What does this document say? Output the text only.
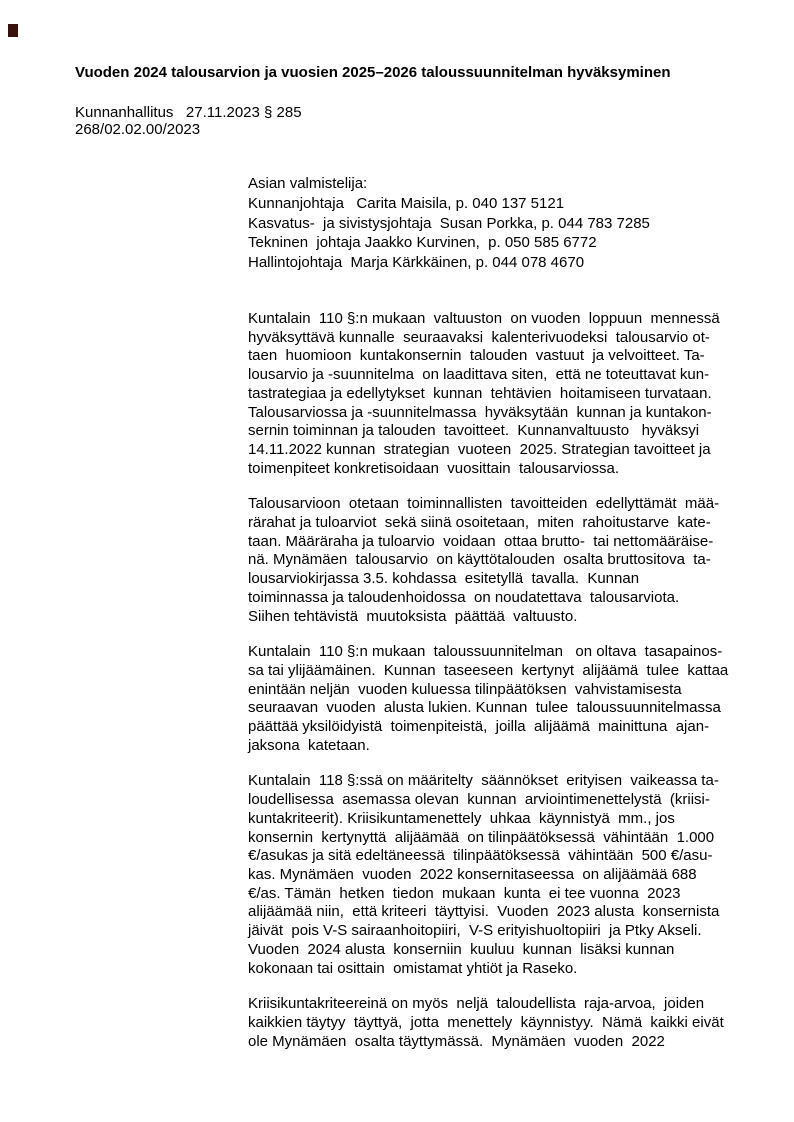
Vuoden 2024 talousarvion ja vuosien 2025–2026 taloussuunnitelman hyväksyminen
Kunnanhallitus   27.11.2023 § 285
268/02.02.00/2023
Asian valmistelija:
Kunnanjohtaja   Carita Maisila, p. 040 137 5121
Kasvatus-  ja sivistysjohtaja  Susan Porkka, p. 044 783 7285
Tekninen  johtaja Jaakko Kurvinen,  p. 050 585 6772
Hallintojohtaja  Marja Kärkkäinen, p. 044 078 4670
Kuntalain  110 §:n mukaan  valtuuston  on vuoden  loppuun  mennessä
hyväksyttävä kunnalle  seuraavaksi  kalenterivuodeksi  talousarvio ot-
taen  huomioon  kuntakonsernin  talouden  vastuut  ja velvoitteet. Ta-
lousarvio ja -suunnitelma  on laadittava siten,  että ne toteuttavat kun-
tastrategiaa ja edellytykset  kunnan  tehtävien  hoitamiseen turvataan.
Talousarviossa ja -suunnitelmassa  hyväksytään  kunnan ja kuntakon-
sernin toiminnan ja talouden  tavoitteet.  Kunnanvaltuusto   hyväksyi
14.11.2022 kunnan  strategian  vuoteen  2025. Strategian tavoitteet ja
toimenpiteet konkretisoidaan  vuosittain  talousarviossa.
Talousarvioon  otetaan  toiminnallisten  tavoitteiden  edellyttämät  mää-
rärahat ja tuloarviot  sekä siinä osoitetaan,  miten  rahoitustarve  kate-
taan. Määräraha ja tuloarvio  voidaan  ottaa brutto-  tai nettomääräise-
nä. Mynämäen  talousarvio  on käyttötalouden  osalta bruttositova  ta-
lousarviokirjassa 3.5. kohdassa  esitetyllä  tavalla.  Kunnan
toiminnassa ja taloudenhoidossa  on noudatettava  talousarviota.
Siihen tehtävistä  muutoksista  päättää  valtuusto.
Kuntalain  110 §:n mukaan  taloussuunnitelman   on oltava  tasapainos-
sa tai ylijäämäinen.  Kunnan  taseeseen  kertynyt  alijäämä  tulee  kattaa
enintään neljän  vuoden kuluessa tilinpäätöksen  vahvistamisesta
seuraavan  vuoden  alusta lukien. Kunnan  tulee  taloussuunnitelmassa
päättää yksilöidyistä  toimenpiteistä,  joilla  alijäämä  mainittuna  ajan-
jaksona  katetaan.
Kuntalain  118 §:ssä on määritelty  säännökset  erityisen  vaikeassa ta-
loudellisessa  asemassa olevan  kunnan  arviointimenettelystä  (kriisi-
kuntakriteerit). Kriisikuntamenettely  uhkaa  käynnistyä  mm., jos
konsernin  kertynyttä  alijäämää  on tilinpäätöksessä  vähintään  1.000
€/asukas ja sitä edeltäneessä  tilinpäätöksessä  vähintään  500 €/asu-
kas. Mynämäen  vuoden  2022 konsernitaseessa  on alijäämää 688
€/as. Tämän  hetken  tiedon  mukaan  kunta  ei tee vuonna  2023
alijäämää niin,  että kriteeri  täyttyisi.  Vuoden  2023 alusta  konsernista
jäivät  pois V-S sairaanhoitopiiri,  V-S erityishuoltopiiri  ja Ptky Akseli.
Vuoden  2024 alusta  konserniin  kuuluu  kunnan  lisäksi kunnan
kokonaan tai osittain  omistamat yhtiöt ja Raseko.
Kriisikuntakriteereinä on myös  neljä  taloudellista  raja-arvoa,  joiden
kaikkien täytyy  täyttyä,  jotta  menettely  käynnistyy.  Nämä  kaikki eivät
ole Mynämäen  osalta täyttymässä.  Mynämäen  vuoden  2022
